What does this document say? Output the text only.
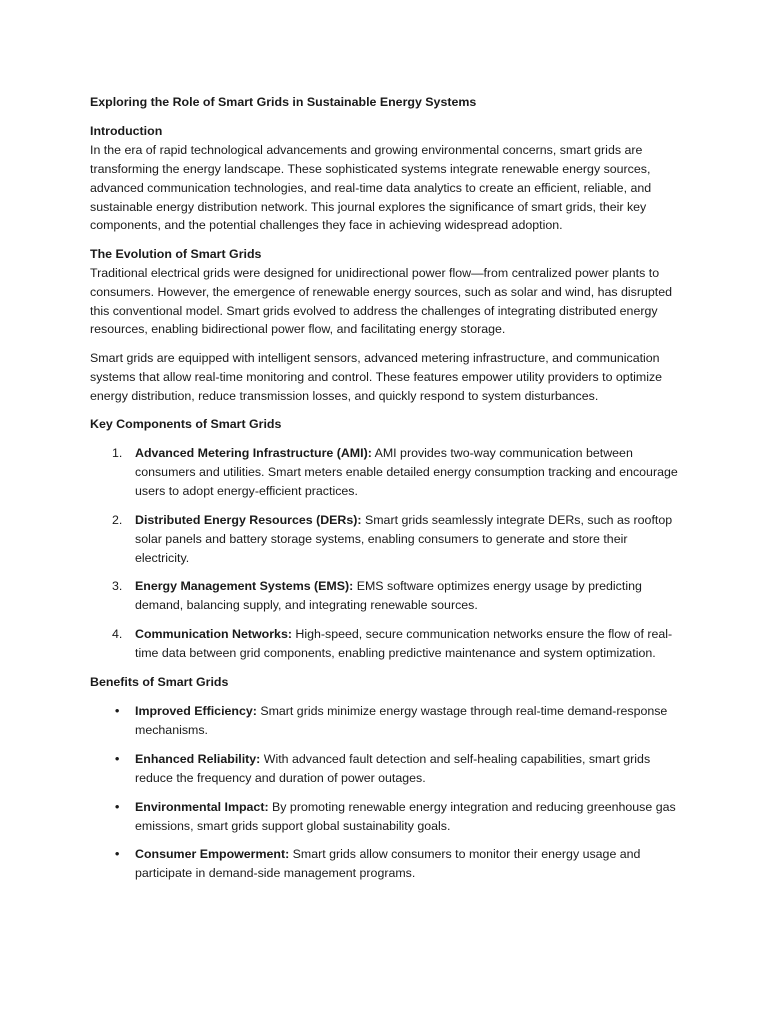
Exploring the Role of Smart Grids in Sustainable Energy Systems

Introduction

In the era of rapid technological advancements and growing environmental concerns, smart grids are transforming the energy landscape. These sophisticated systems integrate renewable energy sources, advanced communication technologies, and real-time data analytics to create an efficient, reliable, and sustainable energy distribution network. This journal explores the significance of smart grids, their key components, and the potential challenges they face in achieving widespread adoption.

The Evolution of Smart Grids

Traditional electrical grids were designed for unidirectional power flow—from centralized power plants to consumers. However, the emergence of renewable energy sources, such as solar and wind, has disrupted this conventional model. Smart grids evolved to address the challenges of integrating distributed energy resources, enabling bidirectional power flow, and facilitating energy storage.

Smart grids are equipped with intelligent sensors, advanced metering infrastructure, and communication systems that allow real-time monitoring and control. These features empower utility providers to optimize energy distribution, reduce transmission losses, and quickly respond to system disturbances.

Key Components of Smart Grids

1. Advanced Metering Infrastructure (AMI): AMI provides two-way communication between consumers and utilities. Smart meters enable detailed energy consumption tracking and encourage users to adopt energy-efficient practices.
2. Distributed Energy Resources (DERs): Smart grids seamlessly integrate DERs, such as rooftop solar panels and battery storage systems, enabling consumers to generate and store their electricity.
3. Energy Management Systems (EMS): EMS software optimizes energy usage by predicting demand, balancing supply, and integrating renewable sources.
4. Communication Networks: High-speed, secure communication networks ensure the flow of real-time data between grid components, enabling predictive maintenance and system optimization.

Benefits of Smart Grids

• Improved Efficiency: Smart grids minimize energy wastage through real-time demand-response mechanisms.
• Enhanced Reliability: With advanced fault detection and self-healing capabilities, smart grids reduce the frequency and duration of power outages.
• Environmental Impact: By promoting renewable energy integration and reducing greenhouse gas emissions, smart grids support global sustainability goals.
• Consumer Empowerment: Smart grids allow consumers to monitor their energy usage and participate in demand-side management programs.
